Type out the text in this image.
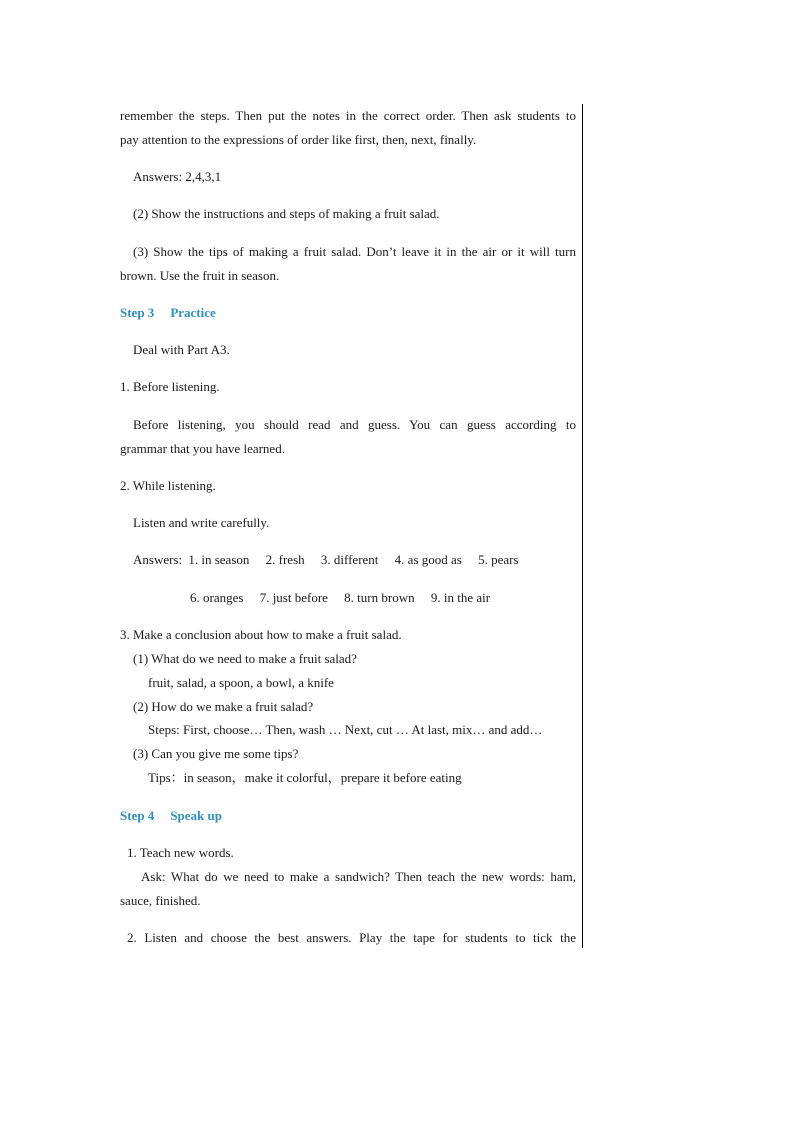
remember the steps. Then put the notes in the correct order. Then ask students to
pay attention to the expressions of order like first, then, next, finally.
Answers: 2,4,3,1
(2) Show the instructions and steps of making a fruit salad.
(3) Show the tips of making a fruit salad. Don’t leave it in the air or it will turn
brown. Use the fruit in season.
Step 3 Practice
Deal with Part A3.
1. Before listening.
Before listening, you should read and guess. You can guess according to
grammar that you have learned.
2. While listening.
Listen and write carefully.
Answers: 1. in season 2. fresh 3. different 4. as good as 5. pears
6. oranges 7. just before 8. turn brown 9. in the air
3. Make a conclusion about how to make a fruit salad.
(1) What do we need to make a fruit salad?
fruit, salad, a spoon, a bowl, a knife
(2) How do we make a fruit salad?
Steps: First, choose… Then, wash … Next, cut … At last, mix… and add…
(3) Can you give me some tips?
Tips：in season，make it colorful，prepare it before eating
Step 4 Speak up
1. Teach new words.
Ask: What do we need to make a sandwich? Then teach the new words: ham,
sauce, finished.
2. Listen and choose the best answers. Play the tape for students to tick the
